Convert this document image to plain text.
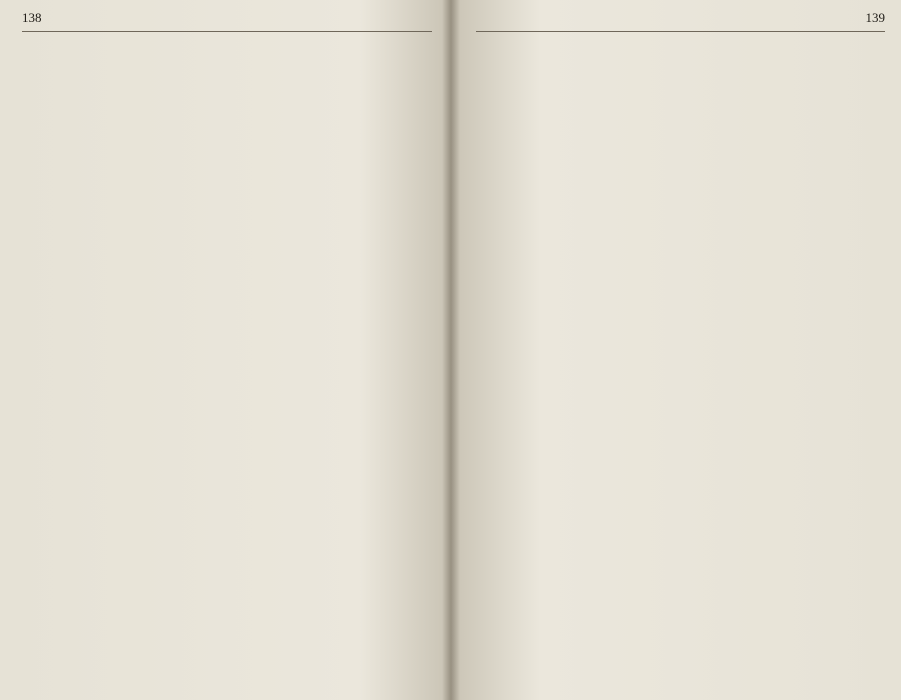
138	139
